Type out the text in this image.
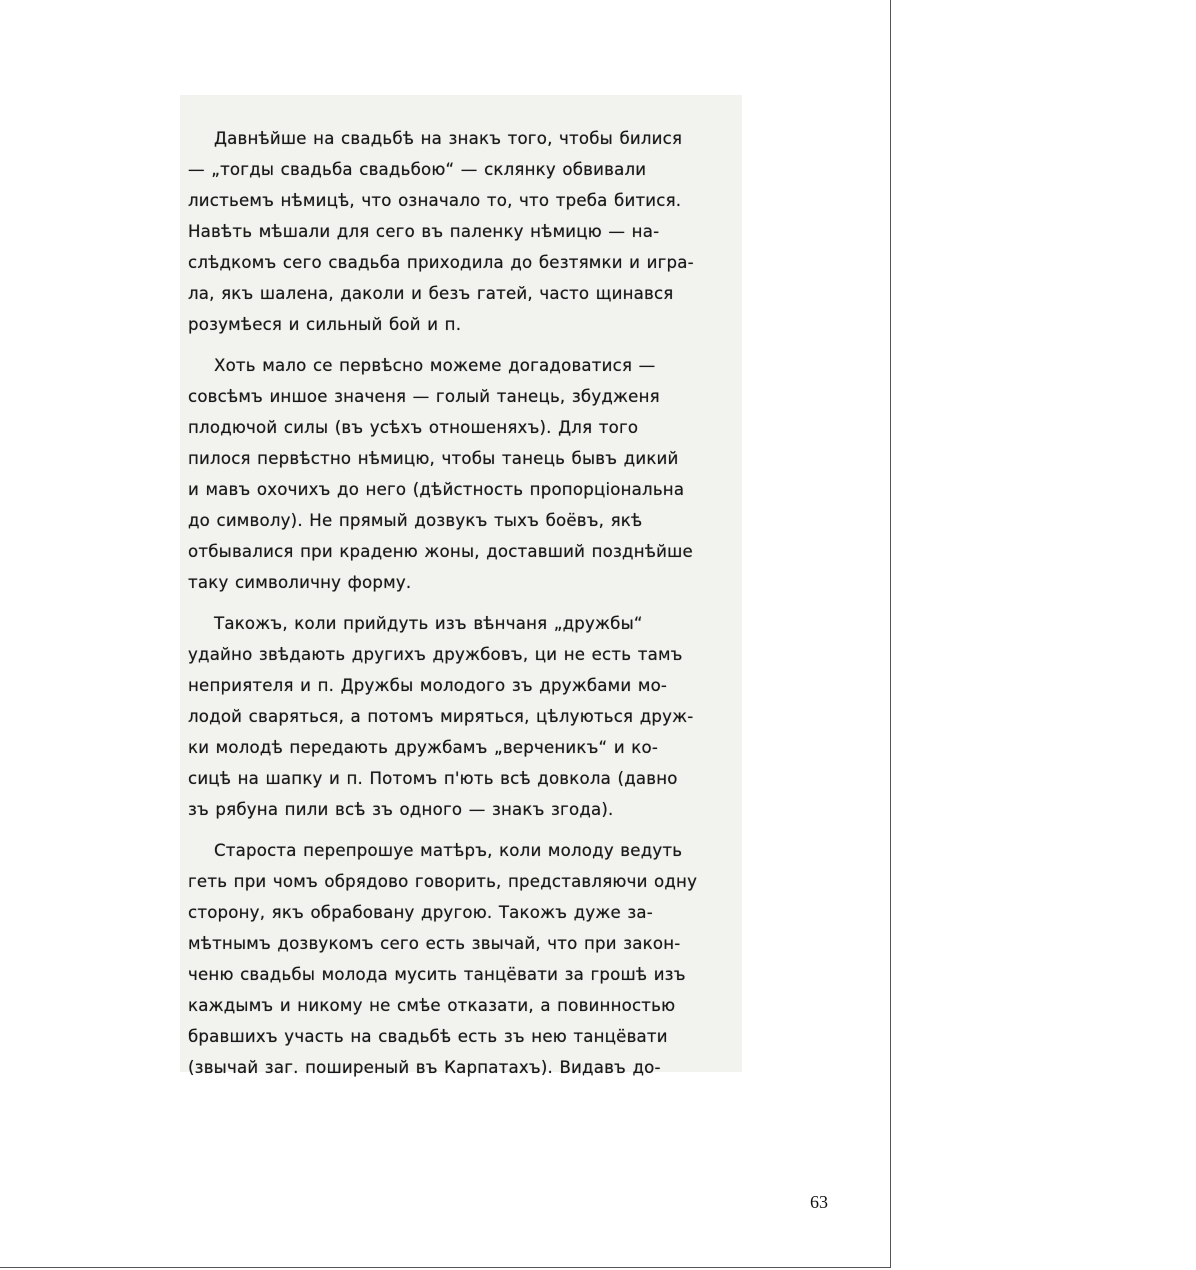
Давнѣйше на свадьбѣ на знакъ того, чтобы билися
— „тогды свадьба свадьбою“ — склянку обвивали
листьемъ нѣмицѣ, что означало то, что треба битися.
Навѣть мѣшали для сего въ паленку нѣмицю — на-
слѣдкомъ сего свадьба приходила до безтямки и игра-
ла, якъ шалена, даколи и безъ гатей, часто щинався
розумѣеся и сильный бой и п.

Хоть мало се первѣсно можеме догадоватися —
совсѣмъ иншое значеня — голый танець, збудженя
плодючой силы (въ усѣхъ отношеняхъ). Для того
пилося первѣстно нѣмицю, чтобы танець бывъ дикий
и мавъ охочихъ до него (дѣйстность пропорціональна
до символу). Не прямый дозвукъ тыхъ боёвъ, якѣ
отбывалися при краденю жоны, доставший позднѣйше
таку символичну форму.

Такожъ, коли прийдуть изъ вѣнчаня „дружбы“
удайно звѣдають другихъ дружбовъ, ци не есть тамъ
неприятеля и п. Дружбы молодого зъ дружбами мо-
лодой сваряться, а потомъ миряться, цѣлуються друж-
ки молодѣ передають дружбамъ „верченикъ“ и ко-
сицѣ на шапку и п. Потомъ п'ють всѣ довкола (давно
зъ рябуна пили всѣ зъ одного — знакъ згода).

Староста перепрошуе матѣръ, коли молоду ведуть
геть при чомъ обрядово говорить, представляючи одну
сторону, якъ обрабовану другою. Такожъ дуже за-
мѣтнымъ дозвукомъ сего есть звычай, что при закон-
ченю свадьбы молода мусить танцёвати за грошѣ изъ
каждымъ и никому не смѣе отказати, а повинностью
бравшихъ участь на свадьбѣ есть зъ нею танцёвати
(звычай заг. поширеный въ Карпатахъ). Видавъ до-

63
